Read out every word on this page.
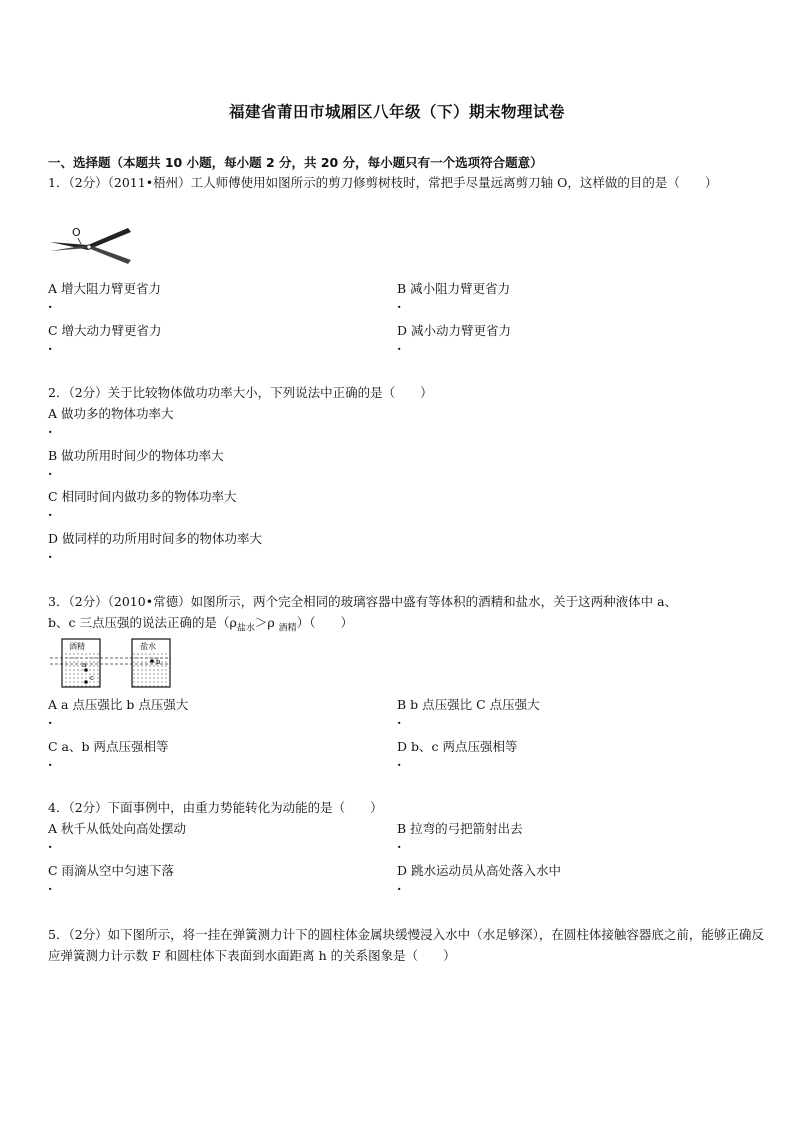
福建省莆田市城厢区八年级（下）期末物理试卷
一、选择题（本题共 10 小题，每小题 2 分，共 20 分，每小题只有一个选项符合题意）
1．（2分）（2011•梧州）工人师傅使用如图所示的剪刀修剪树枝时，常把手尽量远离剪刀轴 O，这样做的目的是（　　）
O
A 增大阻力臂更省力
.
B 减小阻力臂更省力
.
C 增大动力臂更省力
.
D 减小动力臂更省力
.
2．（2分）关于比较物体做功功率大小，下列说法中正确的是（　　）
A 做功多的物体功率大
.
B 做功所用时间少的物体功率大
.
C 相同时间内做功多的物体功率大
.
D 做同样的功所用时间多的物体功率大
.
3．（2分）（2010•常德）如图所示，两个完全相同的玻璃容器中盛有等体积的酒精和盐水，关于这两种液体中 a、
b、c 三点压强的说法正确的是（$\rho_{盐水}>\rho$ $_{酒精}$）（　　）
酒精
a
盐水
b
c
A a 点压强比 b 点压强大
.
B b 点压强比 C 点压强大
.
C a、b 两点压强相等
.
D b、c 两点压强相等
.
4．（2分）下面事例中，由重力势能转化为动能的是（　　）
A 秋千从低处向高处摆动
.
B 拉弯的弓把箭射出去
.
C 雨滴从空中匀速下落
.
D 跳水运动员从高处落入水中
.
5．（2分）如下图所示，将一挂在弹簧测力计下的圆柱体金属块缓慢浸入水中（水足够深），在圆柱体接触容器底之前，能够正确反应弹簧测力计示数 F 和圆柱体下表面到水面距离 h 的关系图象是（　　）
